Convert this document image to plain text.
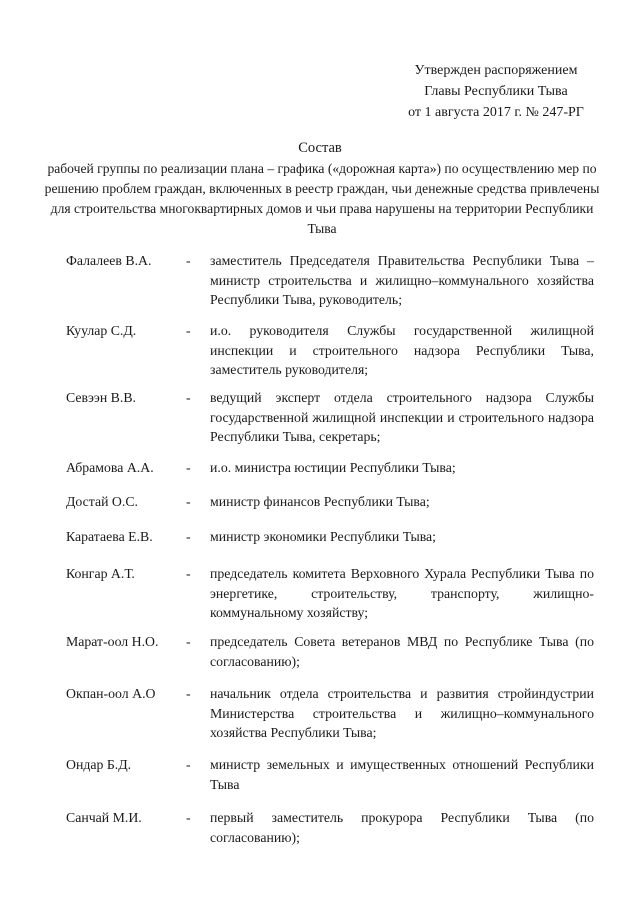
Утвержден распоряжением
Главы Республики Тыва
от 1 августа 2017 г. № 247-РГ
Состав
рабочей группы по реализации плана – графика («дорожная карта») по осуществлению мер по решению проблем граждан, включенных в реестр граждан, чьи денежные средства привлечены для строительства многоквартирных домов и чьи права нарушены на территории Республики Тыва
Фалалеев В.А.	- заместитель Председателя Правительства Республики Тыва – министр строительства и жилищно–коммунального хозяйства Республики Тыва, руководитель;
Куулар С.Д.	- и.о. руководителя Службы государственной жилищной инспекции и строительного надзора Республики Тыва, заместитель руководителя;
Севээн В.В.	- ведущий эксперт отдела строительного надзора Службы государственной жилищной инспекции и строительного надзора Республики Тыва, секретарь;
Абрамова А.А. - и.о. министра юстиции Республики Тыва;
Достай О.С.	- министр финансов Республики Тыва;
Каратаева Е.В. - министр экономики Республики Тыва;
Конгар А.Т.	- председатель комитета Верховного Хурала Республики Тыва по энергетике, строительству, транспорту, жилищно-коммунальному хозяйству;
Марат-оол Н.О. - председатель Совета ветеранов МВД по Республике Тыва (по согласованию);
Окпан-оол А.О - начальник отдела строительства и развития стройиндустрии Министерства строительства и жилищно–коммунального хозяйства Республики Тыва;
Ондар Б.Д.	- министр земельных и имущественных отношений Республики Тыва
Санчай М.И.	- первый заместитель прокурора Республики Тыва (по согласованию);
